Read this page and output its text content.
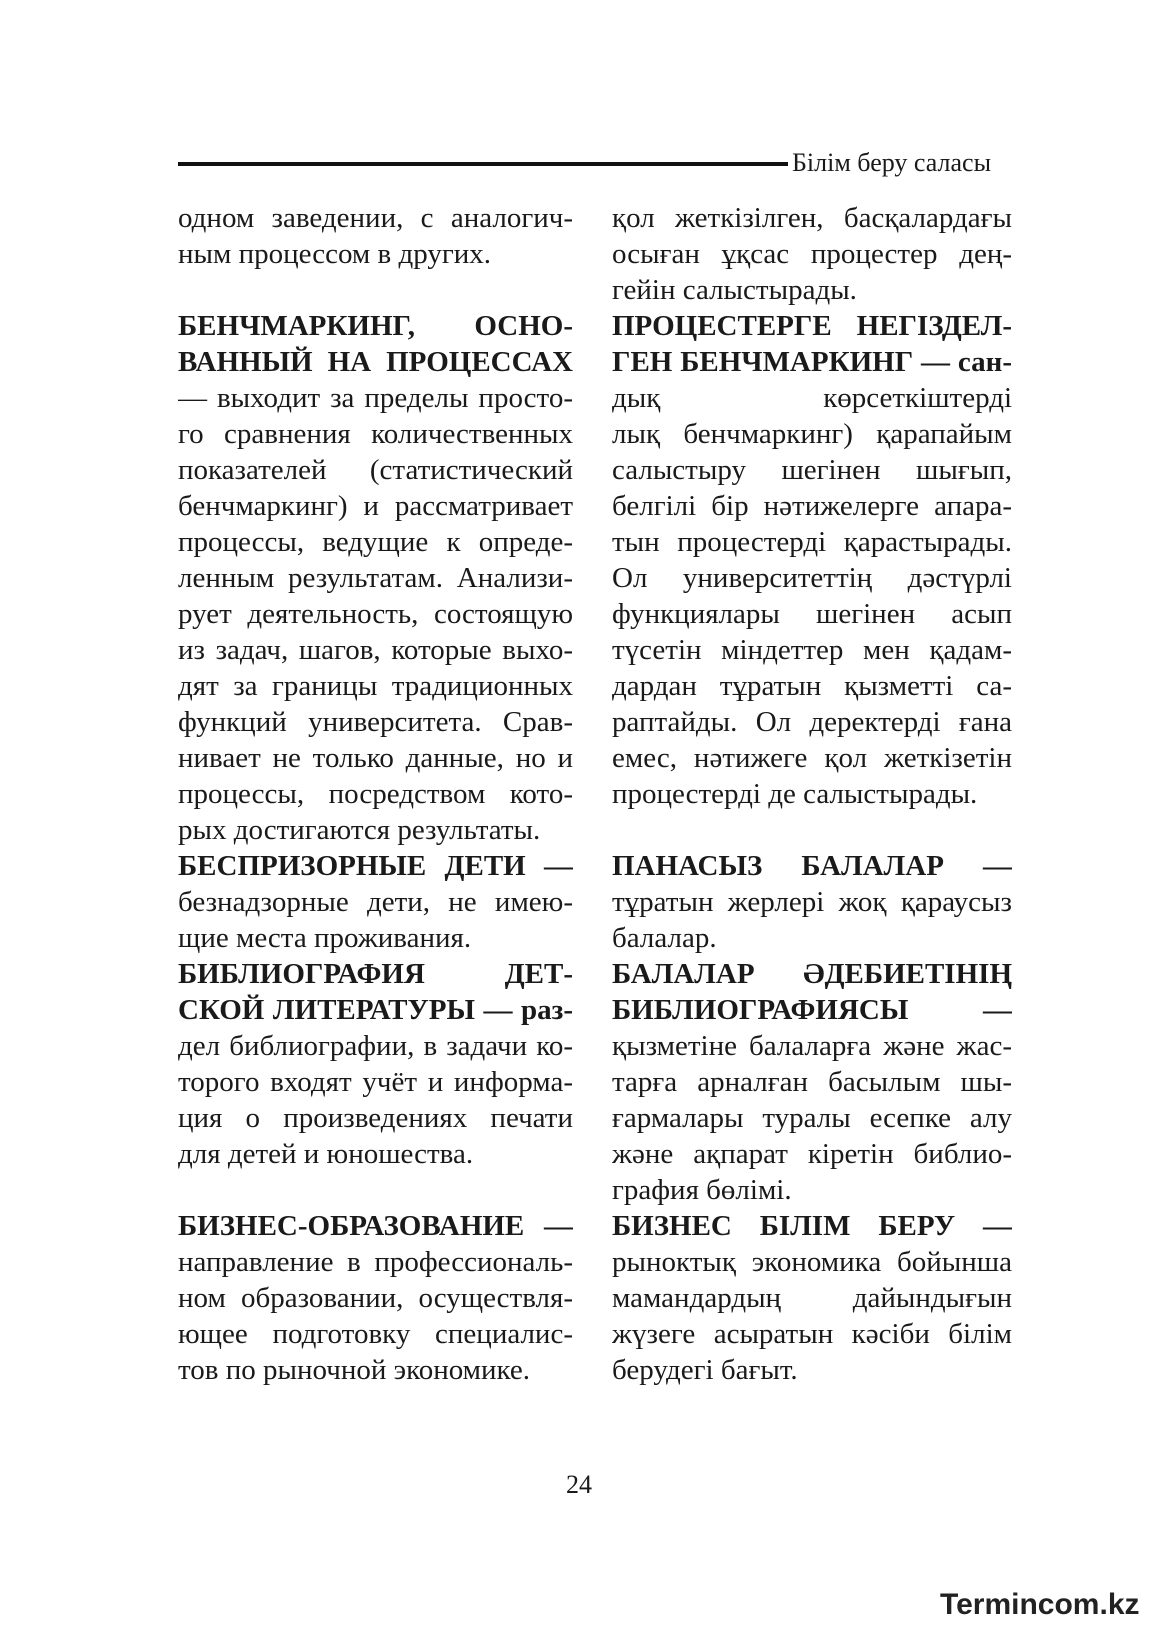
Білім беру саласы
одном заведении, с аналогич-
ным процессом в других.
БЕНЧМАРКИНГ, ОСНО-
ВАННЫЙ НА ПРОЦЕССАХ
— выходит за пределы просто-
го сравнения количественных
показателей (статистический
бенчмаркинг) и рассматривает
процессы, ведущие к опреде-
ленным результатам. Анализи-
рует деятельность, состоящую
из задач, шагов, которые выхо-
дят за границы традиционных
функций университета. Срав-
нивает не только данные, но и
процессы, посредством кото-
рых достигаются результаты.
БЕСПРИЗОРНЫЕ ДЕТИ —
безнадзорные дети, не имею-
щие места проживания.
БИБЛИОГРАФИЯ ДЕТ-
СКОЙ ЛИТЕРАТУРЫ — раз-
дел библиографии, в задачи ко-
торого входят учёт и информа-
ция о произведениях печати
для детей и юношества.
БИЗНЕС-ОБРАЗОВАНИЕ —
направление в профессиональ-
ном образовании, осуществля-
ющее подготовку специалис-
тов по рыночной экономике.
қол жеткізілген, басқалардағы
осыған ұқсас процестер дең-
гейін салыстырады.
ПРОЦЕСТЕРГЕ НЕГІЗДЕЛ-
ГЕН БЕНЧМАРКИНГ — сан-
дық көрсеткіштерді
лық бенчмаркинг) қарапайым
салыстыру шегінен шығып,
белгілі бір нәтижелерге апара-
тын процестерді қарастырады.
Ол университеттің дәстүрлі
функциялары шегінен асып
түсетін міндеттер мен қадам-
дардан тұратын қызметті са-
раптайды. Ол деректерді ғана
емес, нәтижеге қол жеткізетін
процестерді де салыстырады.
ПАНАСЫЗ БАЛАЛАР —
тұратын жерлері жоқ қараусыз
балалар.
БАЛАЛАР ӘДЕБИЕТІНІҢ
БИБЛИОГРАФИЯСЫ —
қызметіне балаларға және жас-
тарға арналған басылым шы-
ғармалары туралы есепке алу
және ақпарат кіретін библио-
графия бөлімі.
БИЗНЕС БІЛІМ БЕРУ —
рыноктық экономика бойынша
мамандардың дайындығын
жүзеге асыратын кәсіби білім
берудегі бағыт.
24
Termincom.kz
